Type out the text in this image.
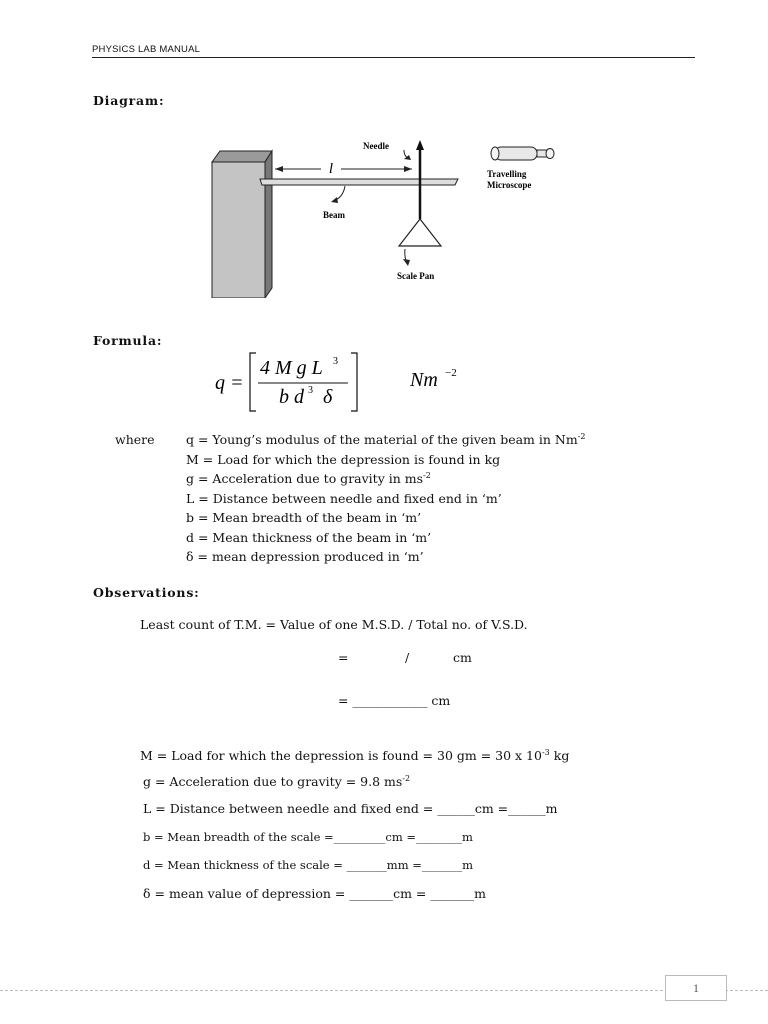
PHYSICS LAB MANUAL
Diagram:
l
Needle
Beam
Scale Pan
Travelling
Microscope
Formula:
q =
4 M g L 3
b d 3 δ
Nm −2
where	q = Young’s modulus of the material of the given beam in $Nm^{-2}$
M = Load for which the depression is found in kg
g = Acceleration due to gravity in $ms^{-2}$
L = Distance between needle and fixed end in ‘m’
b = Mean breadth of the beam in ‘m’
d = Mean thickness of the beam in ‘m’
δ = mean depression produced in ‘m’
Observations:
Least count of T.M. = Value of one M.S.D. / Total no. of V.S.D.
=	/	cm
= ____________ cm
M = Load for which the depression is found = 30 gm = 30 x $10^{-3}$ kg
g = Acceleration due to gravity = 9.8 $ms^{-2}$
L = Distance between needle and fixed end = ______cm =______m
b = Mean breadth of the scale =_________cm =________m
d = Mean thickness of the scale = _______mm =_______m
δ = mean value of depression = _______cm = _______m
1
